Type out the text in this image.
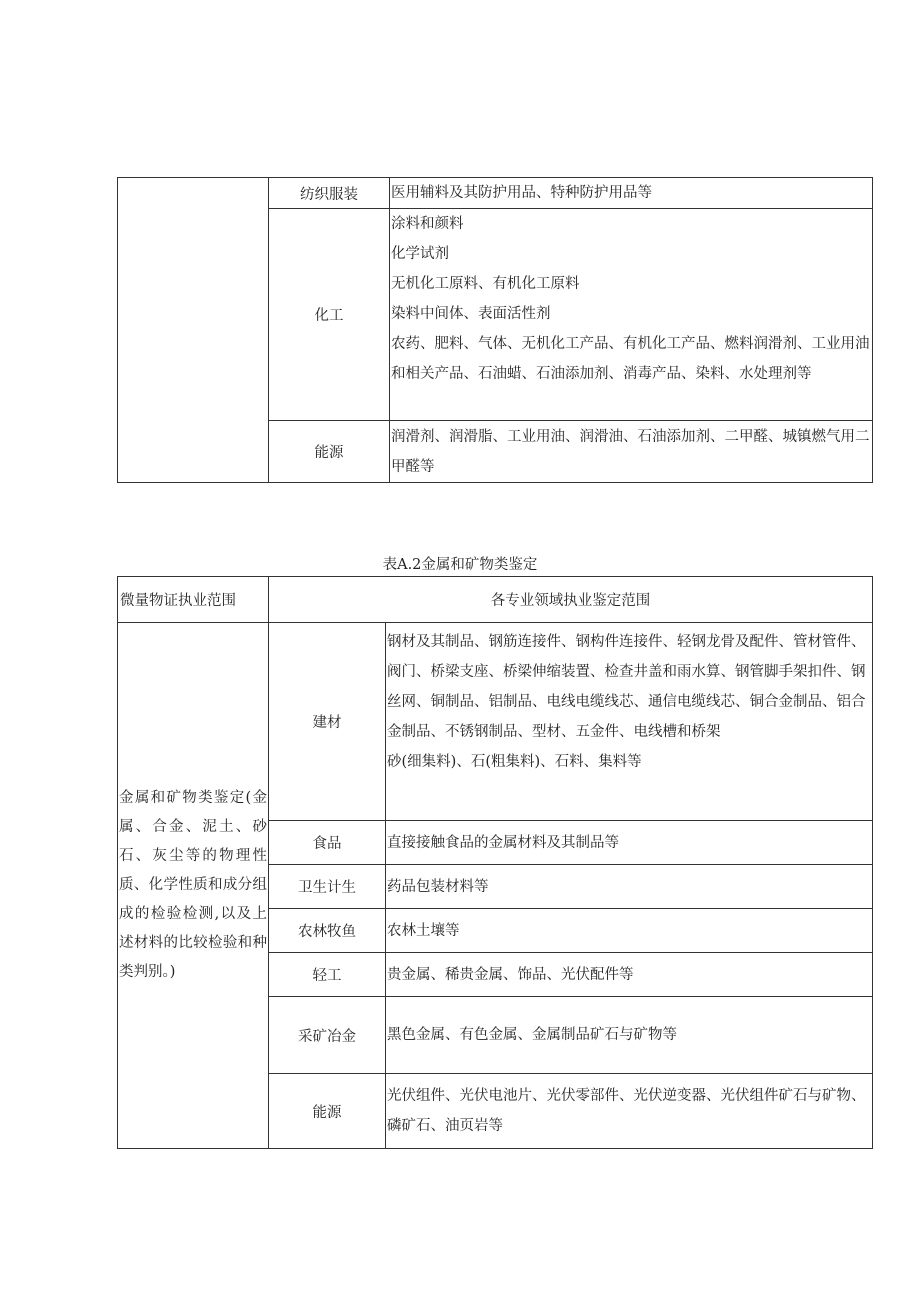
	纺织服装	医用辅料及其防护用品、特种防护用品等

	化工	涂料和颜料
化学试剂
无机化工原料、有机化工原料
染料中间体、表面活性剂
农药、肥料、气体、无机化工产品、有机化工产品、燃料润滑剂、工业用油和相关产品、石油蜡、石油添加剂、消毒产品、染料、水处理剂等

	能源	润滑剂、润滑脂、工业用油、润滑油、石油添加剂、二甲醛、城镇燃气用二甲醛等
表A.2金属和矿物类鉴定
微量物证执业范围	各专业领域执业鉴定范围	
金属和矿物类鉴定(金属、合金、泥土、砂石、灰尘等的物理性质、化学性质和成分组成的检验检测,以及上述材料的比较检验和种类判别。)	建材	钢材及其制品、钢筋连接件、钢构件连接件、轻钢龙骨及配件、管材管件、阀门、桥梁支座、桥梁伸缩装置、检查井盖和雨水算、钢管脚手架扣件、钢丝网、铜制品、铝制品、电线电缆线芯、通信电缆线芯、铜合金制品、铝合金制品、不锈钢制品、型材、五金件、电线槽和桥架
砂(细集料)、石(粗集料)、石料、集料等

	食品	直接接触食品的金属材料及其制品等

	卫生计生	药品包装材料等

	农林牧鱼	农林土壤等

	轻工	贵金属、稀贵金属、饰品、光伏配件等

	采矿冶金	黑色金属、有色金属、金属制品矿石与矿物等

	能源	光伏组件、光伏电池片、光伏零部件、光伏逆变器、光伏组件矿石与矿物、磷矿石、油页岩等
